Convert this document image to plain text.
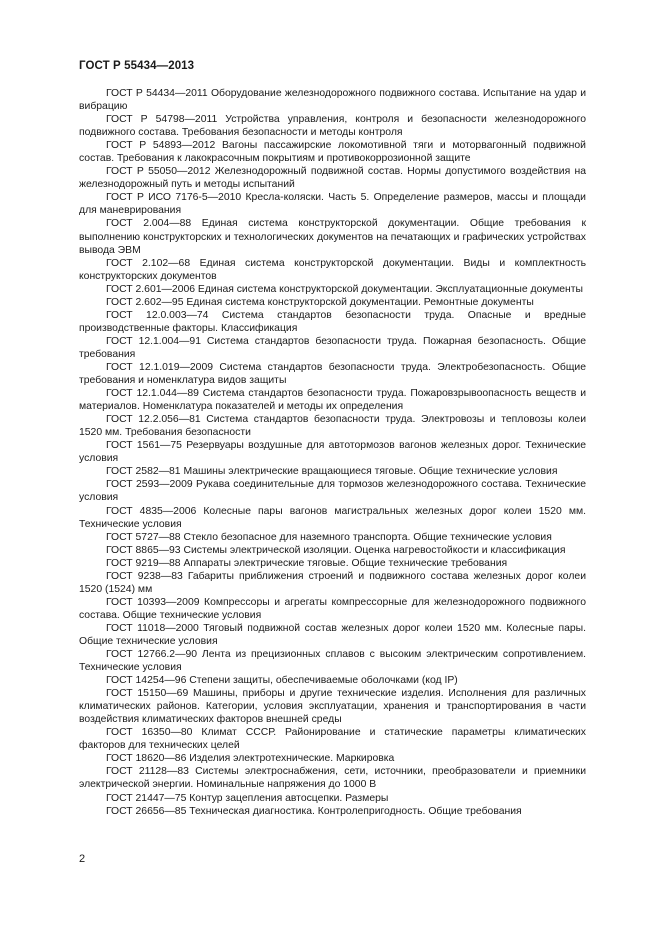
ГОСТ Р 55434—2013

ГОСТ Р 54434—2011 Оборудование железнодорожного подвижного состава. Испытание на удар и вибрацию

ГОСТ Р 54798—2011 Устройства управления, контроля и безопасности железнодорожного подвижного состава. Требования безопасности и методы контроля

ГОСТ Р 54893—2012 Вагоны пассажирские локомотивной тяги и моторвагонный подвижной состав. Требования к лакокрасочным покрытиям и противокоррозионной защите

ГОСТ Р 55050—2012 Железнодорожный подвижной состав. Нормы допустимого воздействия на железнодорожный путь и методы испытаний

ГОСТ Р ИСО 7176-5—2010 Кресла-коляски. Часть 5. Определение размеров, массы и площади для маневрирования

ГОСТ 2.004—88 Единая система конструкторской документации. Общие требования к выполнению конструкторских и технологических документов на печатающих и графических устройствах вывода ЭВМ

ГОСТ 2.102—68 Единая система конструкторской документации. Виды и комплектность конструкторских документов

ГОСТ 2.601—2006 Единая система конструкторской документации. Эксплуатационные документы

ГОСТ 2.602—95 Единая система конструкторской документации. Ремонтные документы

ГОСТ 12.0.003—74 Система стандартов безопасности труда. Опасные и вредные производственные факторы. Классификация

ГОСТ 12.1.004—91 Система стандартов безопасности труда. Пожарная безопасность. Общие требования

ГОСТ 12.1.019—2009 Система стандартов безопасности труда. Электробезопасность. Общие требования и номенклатура видов защиты

ГОСТ 12.1.044—89 Система стандартов безопасности труда. Пожаровзрывоопасность веществ и материалов. Номенклатура показателей и методы их определения

ГОСТ 12.2.056—81 Система стандартов безопасности труда. Электровозы и тепловозы колеи 1520 мм. Требования безопасности

ГОСТ 1561—75 Резервуары воздушные для автотормозов вагонов железных дорог. Технические условия

ГОСТ 2582—81 Машины электрические вращающиеся тяговые. Общие технические условия

ГОСТ 2593—2009 Рукава соединительные для тормозов железнодорожного состава. Технические условия

ГОСТ 4835—2006 Колесные пары вагонов магистральных железных дорог колеи 1520 мм. Технические условия

ГОСТ 5727—88 Стекло безопасное для наземного транспорта. Общие технические условия

ГОСТ 8865—93 Системы электрической изоляции. Оценка нагревостойкости и классификация

ГОСТ 9219—88 Аппараты электрические тяговые. Общие технические требования

ГОСТ 9238—83 Габариты приближения строений и подвижного состава железных дорог колеи 1520 (1524) мм

ГОСТ 10393—2009 Компрессоры и агрегаты компрессорные для железнодорожного подвижного состава. Общие технические условия

ГОСТ 11018—2000 Тяговый подвижной состав железных дорог колеи 1520 мм. Колесные пары. Общие технические условия

ГОСТ 12766.2—90 Лента из прецизионных сплавов с высоким электрическим сопротивлением. Технические условия

ГОСТ 14254—96 Степени защиты, обеспечиваемые оболочками (код IP)

ГОСТ 15150—69 Машины, приборы и другие технические изделия. Исполнения для различных климатических районов. Категории, условия эксплуатации, хранения и транспортирования в части воздействия климатических факторов внешней среды

ГОСТ 16350—80 Климат СССР. Районирование и статические параметры климатических факторов для технических целей

ГОСТ 18620—86 Изделия электротехнические. Маркировка

ГОСТ 21128—83 Системы электроснабжения, сети, источники, преобразователи и приемники электрической энергии. Номинальные напряжения до 1000 В

ГОСТ 21447—75 Контур зацепления автосцепки. Размеры

ГОСТ 26656—85 Техническая диагностика. Контролепригодность. Общие требования

2
